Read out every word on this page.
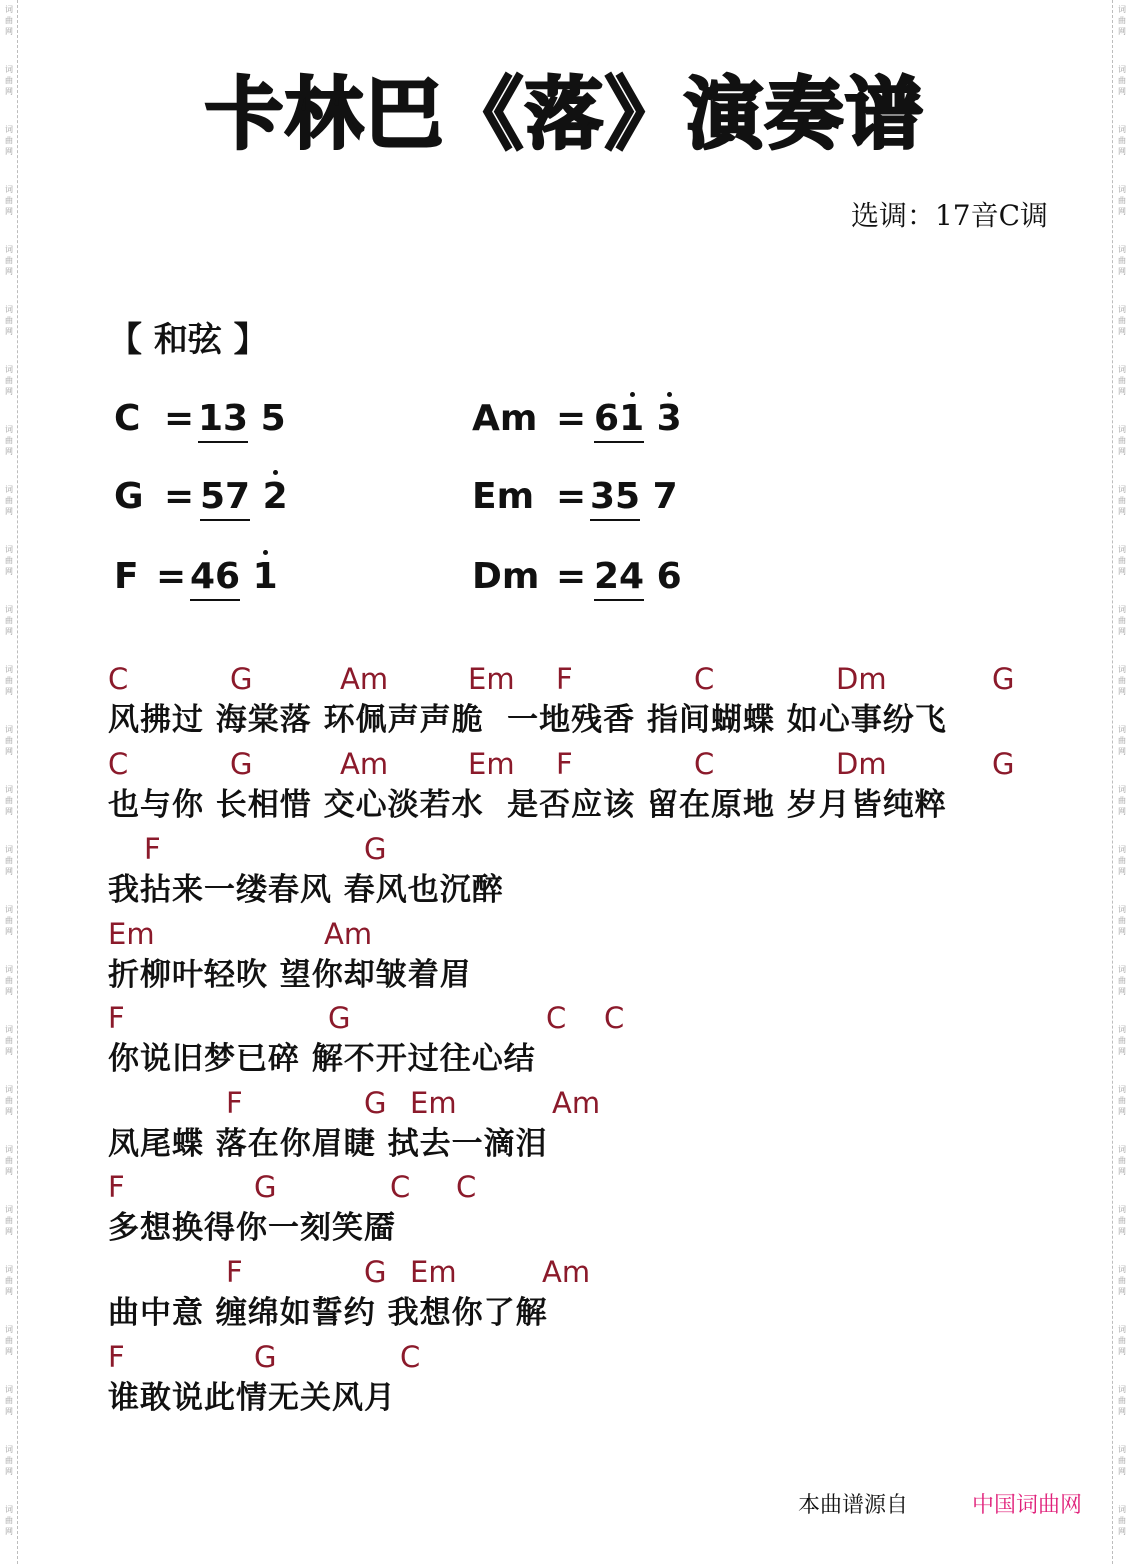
词曲网
词曲网
词曲网
词曲网
词曲网
词曲网
词曲网
词曲网
词曲网
词曲网
词曲网
词曲网
词曲网
词曲网
词曲网
词曲网
词曲网
词曲网
词曲网
词曲网
词曲网
词曲网
词曲网
词曲网
词曲网
词曲网
词曲网
词曲网
词曲网
词曲网
词曲网
词曲网
词曲网
词曲网
词曲网
词曲网
词曲网
词曲网
词曲网
词曲网
词曲网
词曲网
词曲网
词曲网
词曲网
词曲网
词曲网
词曲网
词曲网
词曲网
词曲网
词曲网
卡林巴《落》演奏谱
选调：17音C调
【 和弦 】
C = 13 5	Am = 61 3
G = 57 2	Em = 35 7
F = 46 1	Dm = 24 6
C	G	Am	Em F	C	Dm	G
风拂过 海棠落 环佩声声脆  一地残香 指间蝴蝶 如心事纷飞
C	G	Am	Em F	C	Dm	G
也与你 长相惜 交心淡若水  是否应该 留在原地 岁月皆纯粹
F	G
我拈来一缕春风 春风也沉醉
Em	Am
折柳叶轻吹 望你却皱着眉
F	G	C C
你说旧梦已碎 解不开过往心结
F	G Em	Am
凤尾蝶 落在你眉睫 拭去一滴泪
F	G	C C
多想换得你一刻笑靥
F	G Em	Am
曲中意 缠绵如誓约 我想你了解
F	G	C
谁敢说此情无关风月
本曲谱源自	中国词曲网
